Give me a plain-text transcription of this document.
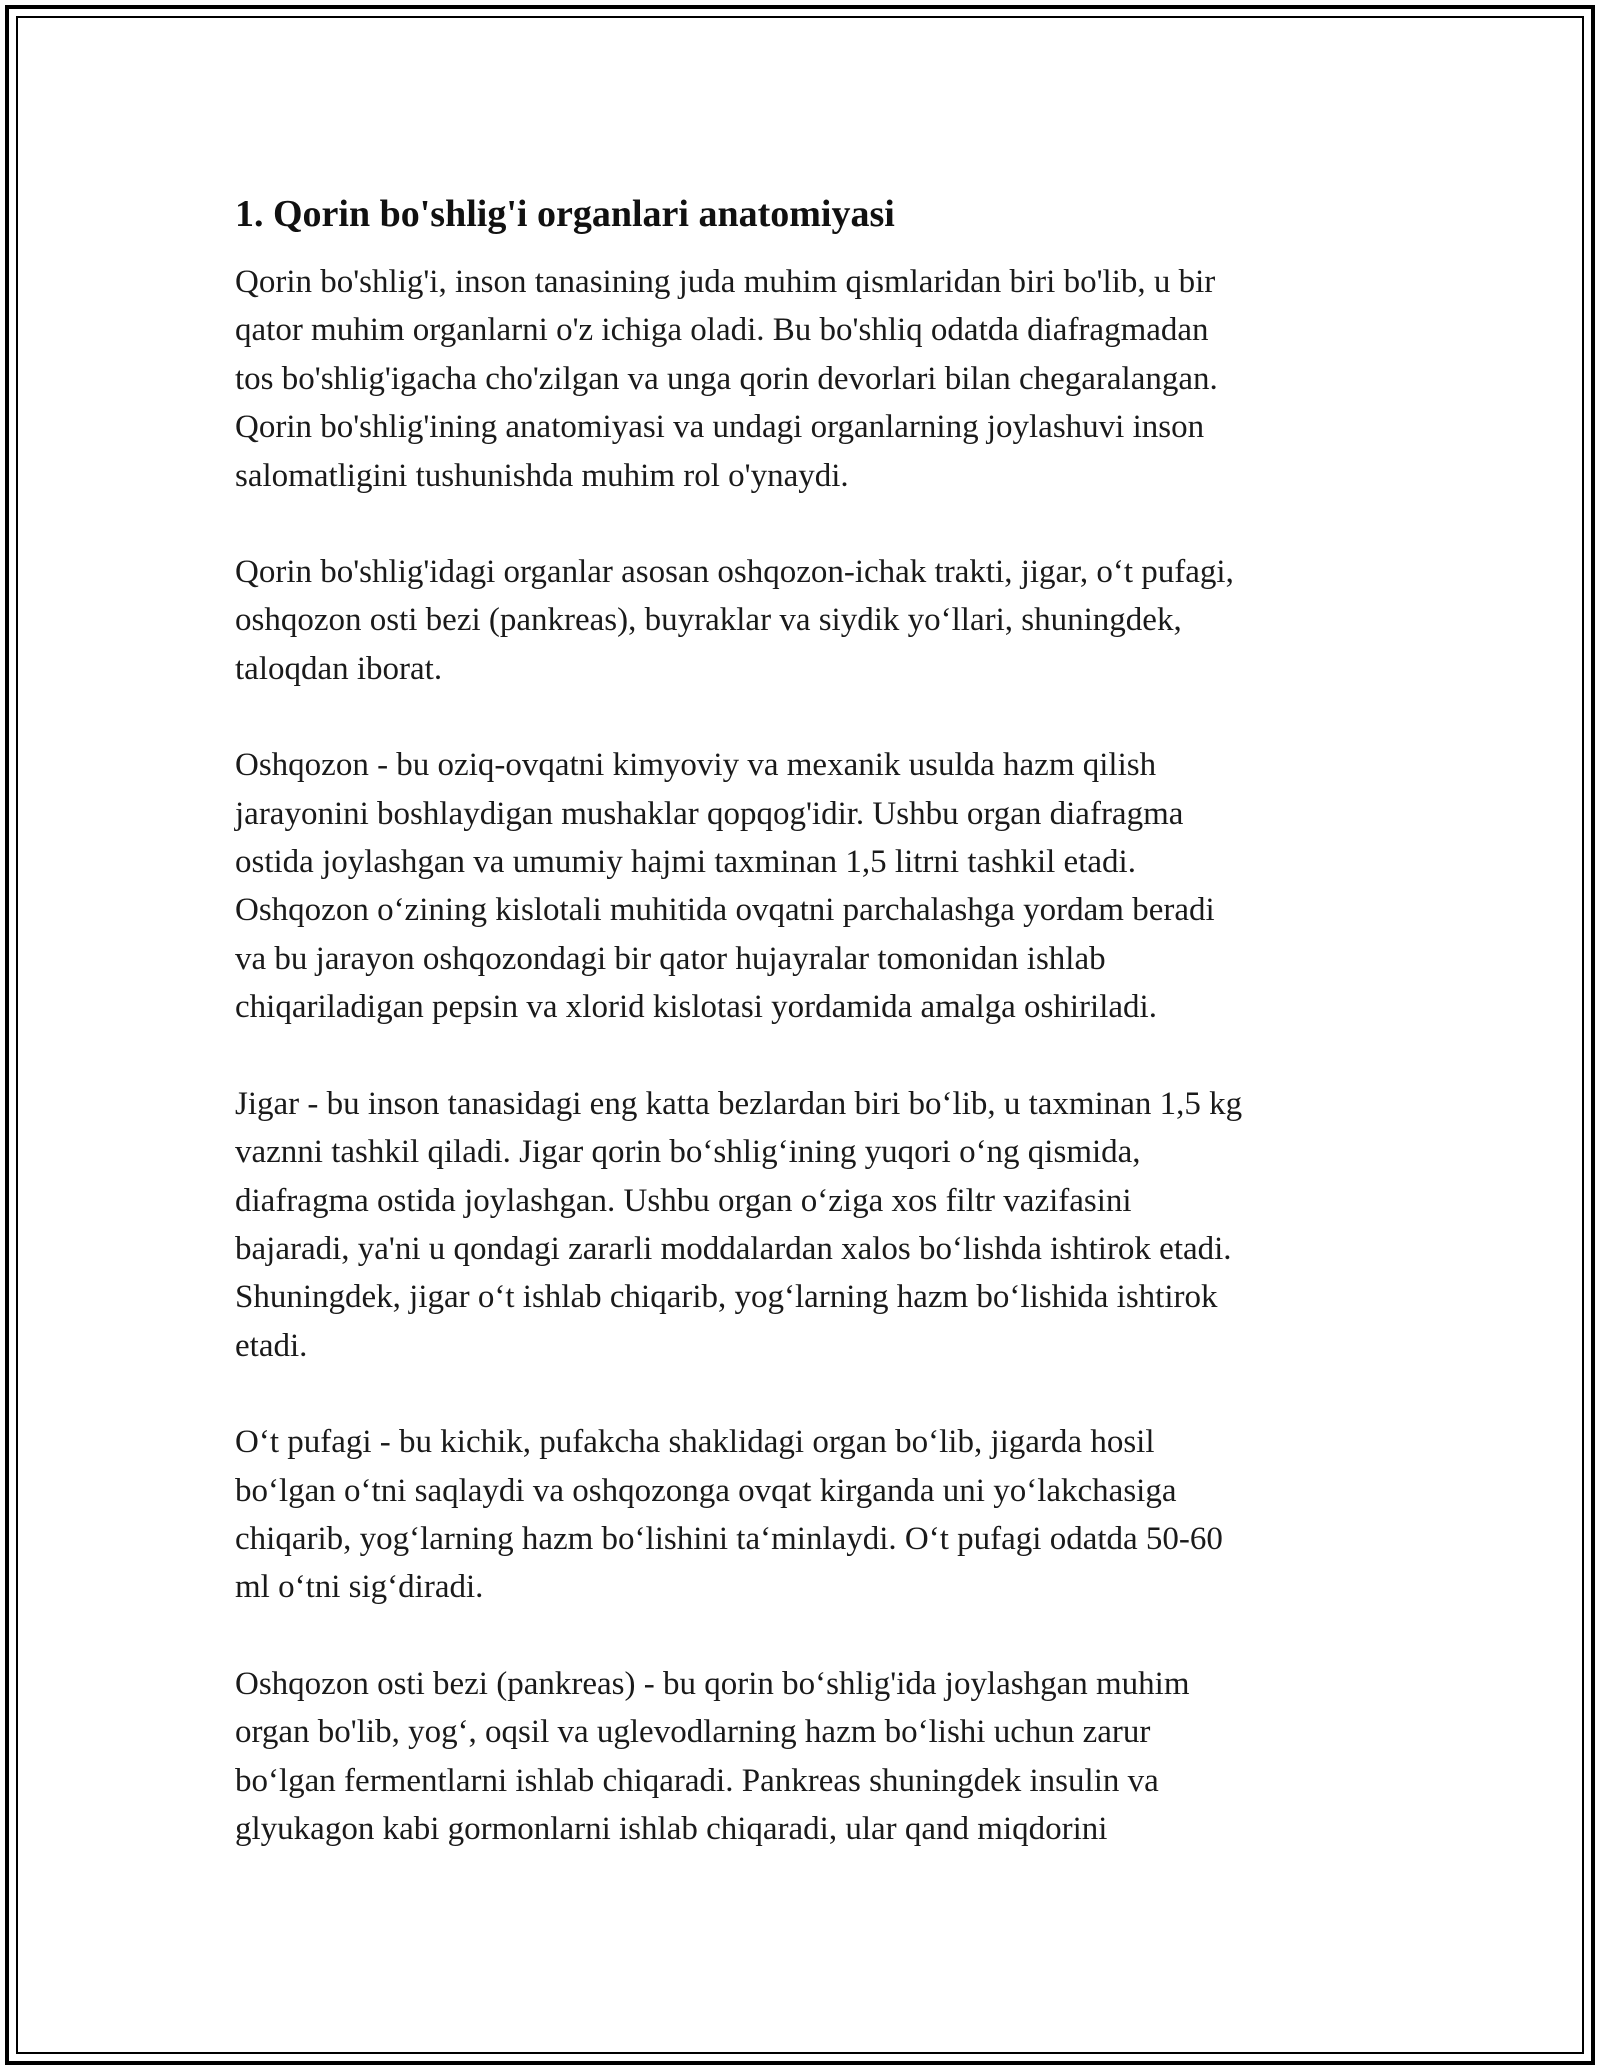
1. Qorin bo'shlig'i organlari anatomiyasi
Qorin bo'shlig'i, inson tanasining juda muhim qismlaridan biri bo'lib, u bir
qator muhim organlarni o'z ichiga oladi. Bu bo'shliq odatda diafragmadan
tos bo'shlig'igacha cho'zilgan va unga qorin devorlari bilan chegaralangan.
Qorin bo'shlig'ining anatomiyasi va undagi organlarning joylashuvi inson
salomatligini tushunishda muhim rol o'ynaydi.
Qorin bo'shlig'idagi organlar asosan oshqozon-ichak trakti, jigar, o‘t pufagi,
oshqozon osti bezi (pankreas), buyraklar va siydik yo‘llari, shuningdek,
taloqdan iborat.
Oshqozon - bu oziq-ovqatni kimyoviy va mexanik usulda hazm qilish
jarayonini boshlaydigan mushaklar qopqog'idir. Ushbu organ diafragma
ostida joylashgan va umumiy hajmi taxminan 1,5 litrni tashkil etadi.
Oshqozon o‘zining kislotali muhitida ovqatni parchalashga yordam beradi
va bu jarayon oshqozondagi bir qator hujayralar tomonidan ishlab
chiqariladigan pepsin va xlorid kislotasi yordamida amalga oshiriladi.
Jigar - bu inson tanasidagi eng katta bezlardan biri bo‘lib, u taxminan 1,5 kg
vaznni tashkil qiladi. Jigar qorin bo‘shlig‘ining yuqori o‘ng qismida,
diafragma ostida joylashgan. Ushbu organ o‘ziga xos filtr vazifasini
bajaradi, ya'ni u qondagi zararli moddalardan xalos bo‘lishda ishtirok etadi.
Shuningdek, jigar o‘t ishlab chiqarib, yog‘larning hazm bo‘lishida ishtirok
etadi.
O‘t pufagi - bu kichik, pufakcha shaklidagi organ bo‘lib, jigarda hosil
bo‘lgan o‘tni saqlaydi va oshqozonga ovqat kirganda uni yo‘lakchasiga
chiqarib, yog‘larning hazm bo‘lishini ta‘minlaydi. O‘t pufagi odatda 50-60
ml o‘tni sig‘diradi.
Oshqozon osti bezi (pankreas) - bu qorin bo‘shlig'ida joylashgan muhim
organ bo'lib, yog‘, oqsil va uglevodlarning hazm bo‘lishi uchun zarur
bo‘lgan fermentlarni ishlab chiqaradi. Pankreas shuningdek insulin va
glyukagon kabi gormonlarni ishlab chiqaradi, ular qand miqdorini
